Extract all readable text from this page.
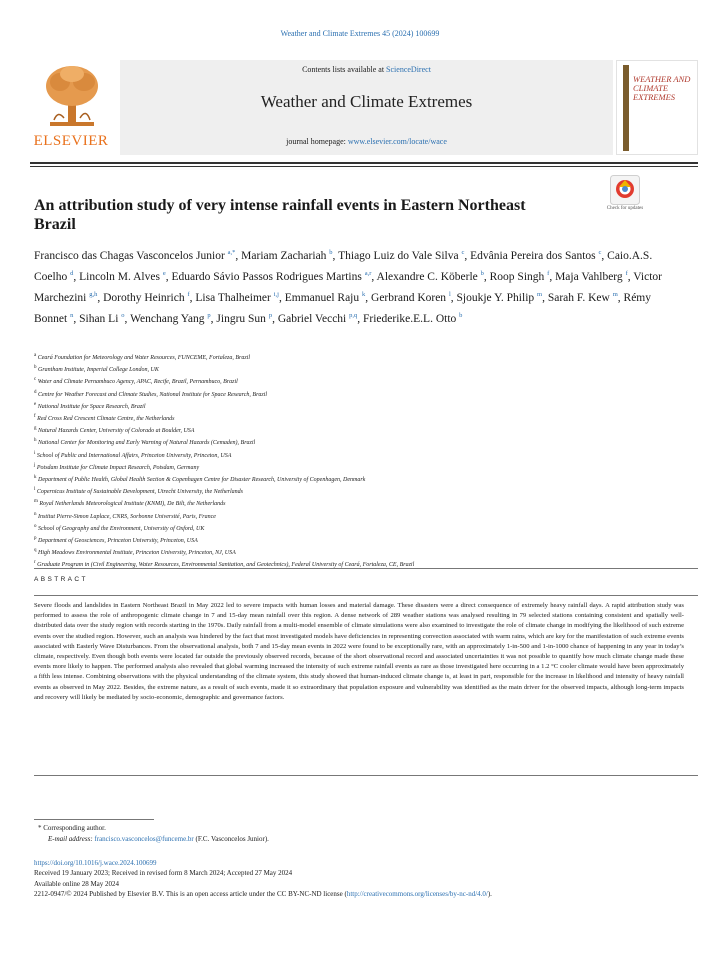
Weather and Climate Extremes 45 (2024) 100699
ELSEVIER
Contents lists available at ScienceDirect
Weather and Climate Extremes
journal homepage: www.elsevier.com/locate/wace
WEATHER AND CLIMATE EXTREMES
An attribution study of very intense rainfall events in Eastern Northeast Brazil
Check for updates
Francisco das Chagas Vasconcelos Junior $^{a,*}$, Mariam Zachariah $^b$, Thiago Luiz do Vale Silva $^c$, Edvânia Pereira dos Santos $^c$, Caio.A.S. Coelho $^d$, Lincoln M. Alves $^e$, Eduardo Sávio Passos Rodrigues Martins $^{a,r}$, Alexandre C. Köberle $^b$, Roop Singh $^f$, Maja Vahlberg $^f$, Victor Marchezini $^{g,h}$, Dorothy Heinrich $^f$, Lisa Thalheimer $^{i,j}$, Emmanuel Raju $^k$, Gerbrand Koren $^l$, Sjoukje Y. Philip $^m$, Sarah F. Kew $^m$, Rémy Bonnet $^n$, Sihan Li $^o$, Wenchang Yang $^p$, Jingru Sun $^p$, Gabriel Vecchi $^{p,q}$, Friederike.E.L. Otto $^b$
$^a$ Ceará Foundation for Meteorology and Water Resources, FUNCEME, Fortaleza, Brazil
$^b$ Grantham Institute, Imperial College London, UK
$^c$ Water and Climate Pernambuco Agency, APAC, Recife, Brazil, Pernambuco, Brazil
$^d$ Centre for Weather Forecast and Climate Studies, National Institute for Space Research, Brazil
$^e$ National Institute for Space Research, Brazil
$^f$ Red Cross Red Crescent Climate Centre, the Netherlands
$^g$ Natural Hazards Center, University of Colorado at Boulder, USA
$^h$ National Center for Monitoring and Early Warning of Natural Hazards (Cemaden), Brazil
$^i$ School of Public and International Affairs, Princeton University, Princeton, USA
$^j$ Potsdam Institute for Climate Impact Research, Potsdam, Germany
$^k$ Department of Public Health, Global Health Section & Copenhagen Centre for Disaster Research, University of Copenhagen, Denmark
$^l$ Copernicus Institute of Sustainable Development, Utrecht University, the Netherlands
$^m$ Royal Netherlands Meteorological Institute (KNMI), De Bilt, the Netherlands
$^n$ Institut Pierre-Simon Laplace, CNRS, Sorbonne Université, Paris, France
$^o$ School of Geography and the Environment, University of Oxford, UK
$^p$ Department of Geosciences, Princeton University, Princeton, USA
$^q$ High Meadows Environmental Institute, Princeton University, Princeton, NJ, USA
$^r$ Graduate Program in (Civil Engineering, Water Resources, Environmental Sanitation, and Geotechnics), Federal University of Ceará, Fortaleza, CE, Brazil
ABSTRACT
Severe floods and landslides in Eastern Northeast Brazil in May 2022 led to severe impacts with human losses and material damage. These disasters were a direct consequence of extremely heavy rainfall days. A rapid attribution study was performed to assess the role of anthropogenic climate change in 7 and 15-day mean rainfall over this region. A dense network of 289 weather stations was analysed resulting in 79 selected stations containing consistent and spatially well-distributed data over the study region with records starting in the 1970s. Daily rainfall from a multi-model ensemble of climate simulations were also examined to investigate the role of climate change in modifying the likelihood of such extreme events over the studied region. However, such an analysis was hindered by the fact that most investigated models have deficiencies in representing convection associated with warm rains, which are key for the manifestation of such extreme events associated with Easterly Wave Disturbances. From the observational analysis, both 7 and 15-day mean events in 2022 were found to be exceptionally rare, with an approximately 1-in-500 and 1-in-1000 chance of happening in any year in today’s climate, respectively. Even though both events were located far outside the previously observed records, because of the short observational record and associated uncertainties it was not possible to quantify how much climate change made these events more likely to happen. The performed analysis also revealed that global warming increased the intensity of such extreme rainfall events as rare as those investigated here occurring in a 1.2 °C cooler climate would have been approximately a fifth less intense. Combining observations with the physical understanding of the climate system, this study showed that human-induced climate change is, at least in part, responsible for the increase in likelihood and intensity of heavy rainfall events as observed in May 2022. Besides, the extreme nature, as a result of such events, made it so extraordinary that population exposure and vulnerability was identified as the main driver for the observed impacts, although long-term impacts and recovery will likely be mediated by socio-economic, demographic and governance factors.
* Corresponding author.
E-mail address: francisco.vasconcelos@funceme.br (F.C. Vasconcelos Junior).
https://doi.org/10.1016/j.wace.2024.100699
Received 19 January 2023; Received in revised form 8 March 2024; Accepted 27 May 2024
Available online 28 May 2024
2212-0947/© 2024 Published by Elsevier B.V. This is an open access article under the CC BY-NC-ND license (http://creativecommons.org/licenses/by-nc-nd/4.0/).
